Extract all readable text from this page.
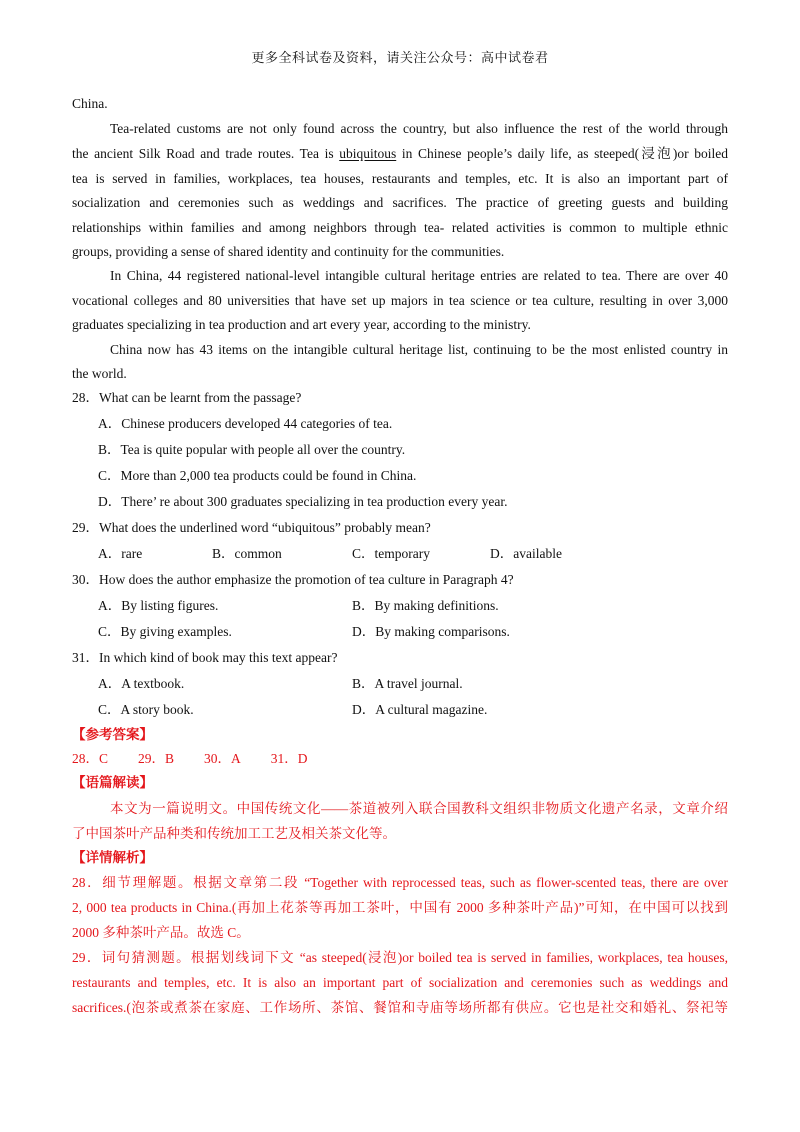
更多全科试卷及资料，请关注公众号：高中试卷君
China.
Tea-related customs are not only found across the country, but also influence the rest of the world through
the ancient Silk Road and trade routes. Tea is ubiquitous in Chinese people’s daily life, as steeped(浸泡)or boiled
tea is served in families, workplaces, tea houses, restaurants and temples, etc. It is also an important part of
socialization and ceremonies such as weddings and sacrifices. The practice of greeting guests and building
relationships within families and among neighbors through tea- related activities is common to multiple ethnic
groups, providing a sense of shared identity and continuity for the communities.
In China, 44 registered national-level intangible cultural heritage entries are related to tea. There are over 40
vocational colleges and 80 universities that have set up majors in tea science or tea culture, resulting in over 3,000
graduates specializing in tea production and art every year, according to the ministry.
China now has 43 items on the intangible cultural heritage list, continuing to be the most enlisted country in
the world.
28．What can be learnt from the passage?
A．Chinese producers developed 44 categories of tea.
B．Tea is quite popular with people all over the country.
C．More than 2,000 tea products could be found in China.
D．There’ re about 300 graduates specializing in tea production every year.
29．What does the underlined word “ubiquitous” probably mean?
A．rare	B．common	C．temporary	D．available
30．How does the author emphasize the promotion of tea culture in Paragraph 4?
A．By listing figures.	B．By making definitions.
C．By giving examples.	D．By making comparisons.
31．In which kind of book may this text appear?
A．A textbook.	B．A travel journal.
C．A story book.	D．A cultural magazine.
【参考答案】
28．C 29．B 30．A 31．D
【语篇解读】
本文为一篇说明文。中国传统文化——茶道被列入联合国教科文组织非物质文化遗产名录，文章介绍
了中国茶叶产品种类和传统加工工艺及相关茶文化等。
【详情解析】
28．细节理解题。根据文章第二段 “Together with reprocessed teas, such as flower-scented teas, there are over
2, 000 tea products in China.(再加上花茶等再加工茶叶，中国有 2000 多种茶叶产品)”可知，在中国可以找到
2000 多种茶叶产品。故选 C。
29．词句猜测题。根据划线词下文 “as steeped(浸泡)or boiled tea is served in families, workplaces, tea houses,
restaurants and temples, etc. It is also an important part of socialization and ceremonies such as weddings and
sacrifices.(泡茶或煮茶在家庭、工作场所、茶馆、餐馆和寺庙等场所都有供应。它也是社交和婚礼、祭祀等
